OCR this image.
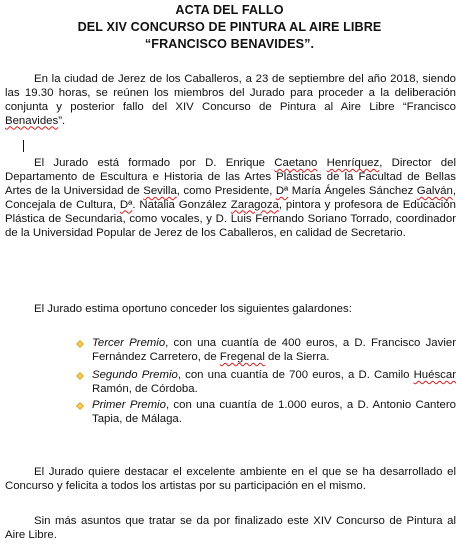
ACTA DEL FALLO
DEL XIV CONCURSO DE PINTURA AL AIRE LIBRE
“FRANCISCO BENAVIDES”.
En la ciudad de Jerez de los Caballeros, a 23 de septiembre del año 2018, siendo las 19.30 horas, se reúnen los miembros del Jurado para proceder a la deliberación conjunta y posterior fallo del XIV Concurso de Pintura al Aire Libre “Francisco Benavides”.
El Jurado está formado por D. Enrique Caetano Henríquez, Director del Departamento de Escultura e Historia de las Artes Plásticas de la Facultad de Bellas Artes de la Universidad de Sevilla, como Presidente, Dª María Ángeles Sánchez Galván, Concejala de Cultura, Dª. Natalia González Zaragoza, pintora y profesora de Educación Plástica de Secundaria, como vocales, y D. Luis Fernando Soriano Torrado, coordinador de la Universidad Popular de Jerez de los Caballeros, en calidad de Secretario.
El Jurado estima oportuno conceder los siguientes galardones:
Tercer Premio, con una cuantía de 400 euros, a D. Francisco Javier Fernández Carretero, de Fregenal de la Sierra.
Segundo Premio, con una cuantía de 700 euros, a D. Camilo Huéscar Ramón, de Córdoba.
Primer Premio, con una cuantía de 1.000 euros, a D. Antonio Cantero Tapia, de Málaga.
El Jurado quiere destacar el excelente ambiente en el que se ha desarrollado el Concurso y felicita a todos los artistas por su participación en el mismo.
Sin más asuntos que tratar se da por finalizado este XIV Concurso de Pintura al Aire Libre.
